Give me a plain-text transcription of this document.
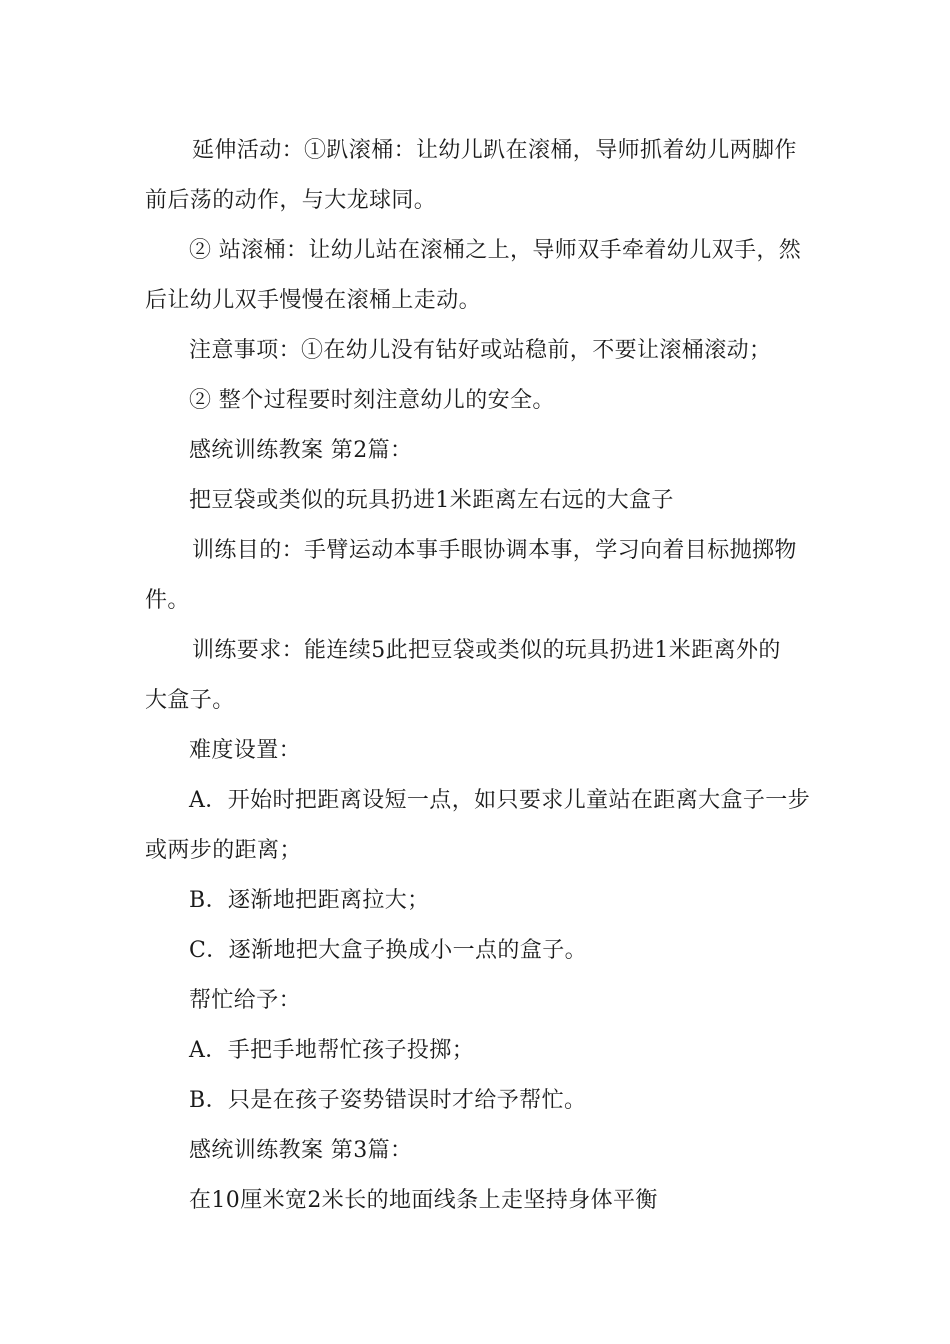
延伸活动：①趴滚桶：让幼儿趴在滚桶，导师抓着幼儿两脚作
前后荡的动作，与大龙球同。
② 站滚桶：让幼儿站在滚桶之上，导师双手牵着幼儿双手，然
后让幼儿双手慢慢在滚桶上走动。
注意事项：①在幼儿没有钻好或站稳前，不要让滚桶滚动；
② 整个过程要时刻注意幼儿的安全。
感统训练教案 第2篇：
把豆袋或类似的玩具扔进1米距离左右远的大盒子
训练目的：手臂运动本事手眼协调本事，学习向着目标抛掷物
件。
训练要求：能连续5此把豆袋或类似的玩具扔进1米距离外的
大盒子。
难度设置：
A．开始时把距离设短一点，如只要求儿童站在距离大盒子一步
或两步的距离；
B．逐渐地把距离拉大；
C．逐渐地把大盒子换成小一点的盒子。
帮忙给予：
A．手把手地帮忙孩子投掷；
B．只是在孩子姿势错误时才给予帮忙。
感统训练教案 第3篇：
在10厘米宽2米长的地面线条上走坚持身体平衡
